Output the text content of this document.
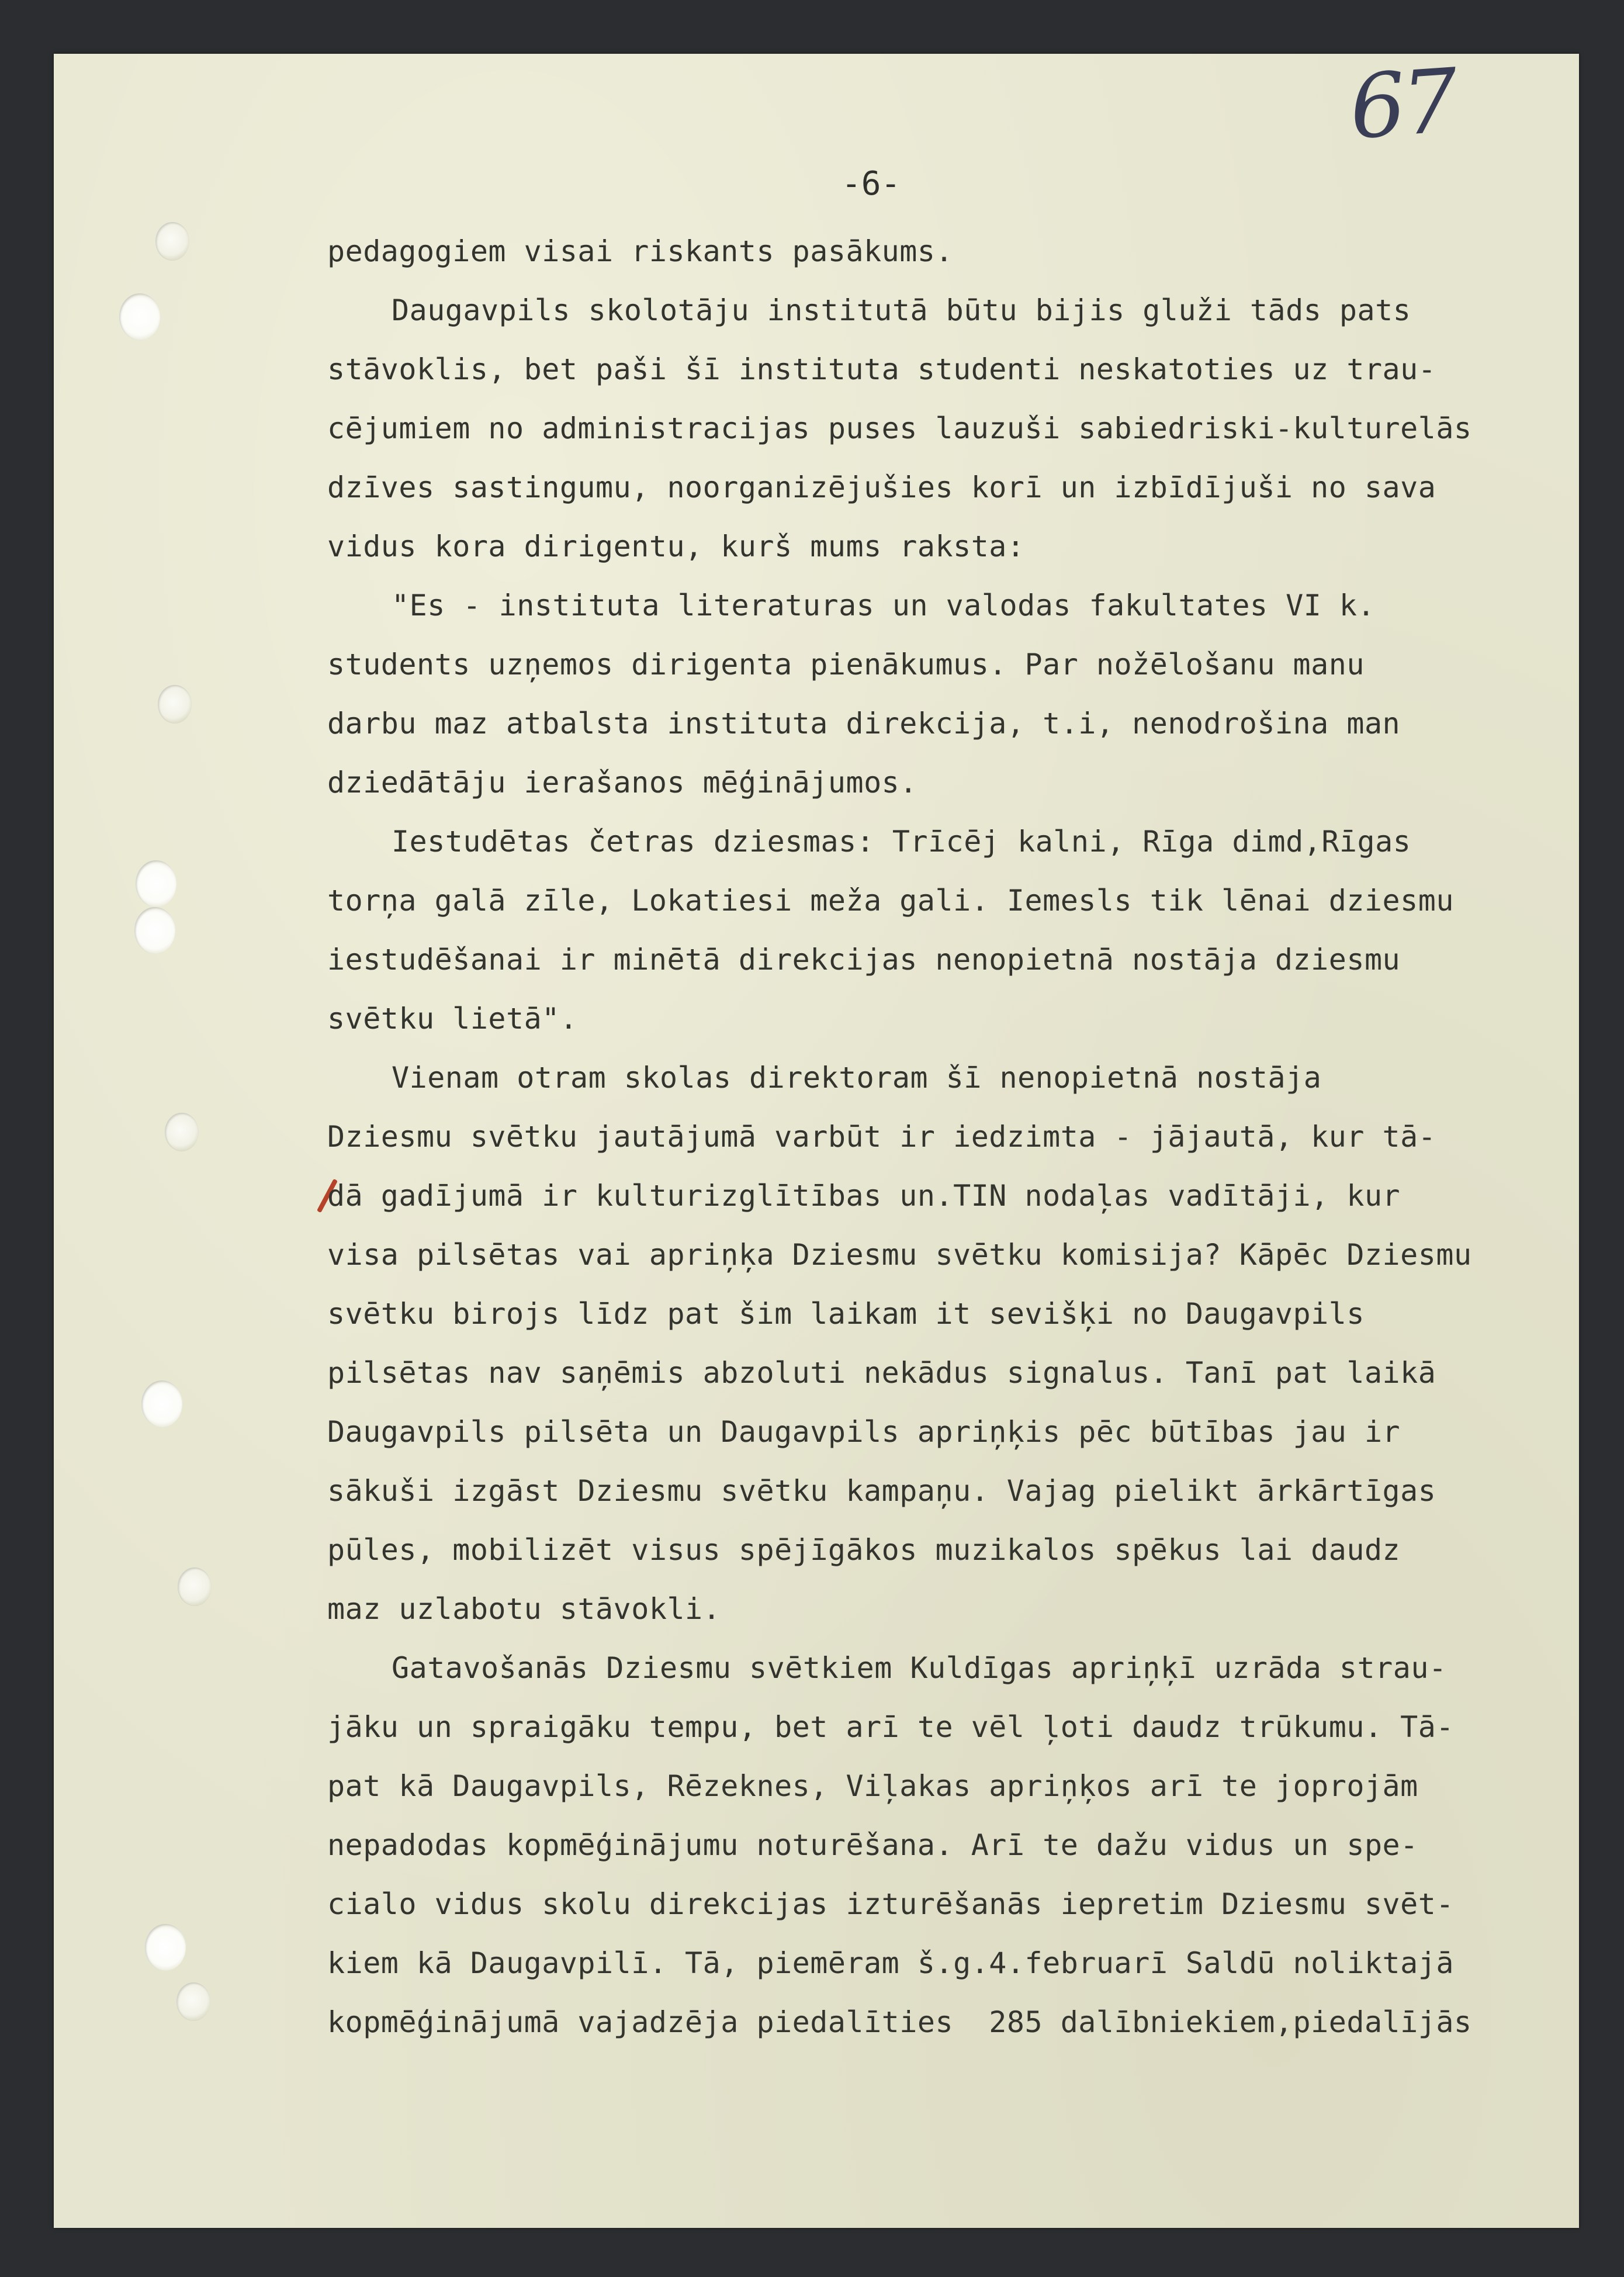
67
-6-
pedagogiem visai riskants pasākums.
Daugavpils skolotāju institutā būtu bijis gluži tāds pats
stāvoklis, bet paši šī instituta studenti neskatoties uz trau-
cējumiem no administracijas puses lauzuši sabiedriski-kulturelās
dzīves sastingumu, noorganizējušies korī un izbīdījuši no sava
vidus kora dirigentu, kurš mums raksta:
"Es - instituta literaturas un valodas fakultates VI k.
students uzņemos dirigenta pienākumus. Par nožēlošanu manu
darbu maz atbalsta instituta direkcija, t.i, nenodrošina man
dziedātāju ierašanos mēģinājumos.
Iestudētas četras dziesmas: Trīcēj kalni, Rīga dimd,Rīgas
torņa galā zīle, Lokatiesi meža gali. Iemesls tik lēnai dziesmu
iestudēšanai ir minētā direkcijas nenopietnā nostāja dziesmu
svētku lietā".
Vienam otram skolas direktoram šī nenopietnā nostāja
Dziesmu svētku jautājumā varbūt ir iedzimta - jājautā, kur tā-
dā gadījumā ir kulturizglītības un.TIN nodaļas vadītāji, kur
visa pilsētas vai apriņķa Dziesmu svētku komisija? Kāpēc Dziesmu
svētku birojs līdz pat šim laikam it sevišķi no Daugavpils
pilsētas nav saņēmis abzoluti nekādus signalus. Tanī pat laikā
Daugavpils pilsēta un Daugavpils apriņķis pēc būtības jau ir
sākuši izgāst Dziesmu svētku kampaņu. Vajag pielikt ārkārtīgas
pūles, mobilizēt visus spējīgākos muzikalos spēkus lai daudz
maz uzlabotu stāvokli.
Gatavošanās Dziesmu svētkiem Kuldīgas apriņķī uzrāda strau-
jāku un spraigāku tempu, bet arī te vēl ļoti daudz trūkumu. Tā-
pat kā Daugavpils, Rēzeknes, Viļakas apriņķos arī te joprojām
nepadodas kopmēģinājumu noturēšana. Arī te dažu vidus un spe-
cialo vidus skolu direkcijas izturēšanās iepretim Dziesmu svēt-
kiem kā Daugavpilī. Tā, piemēram š.g.4.februarī Saldū noliktajā
kopmēģinājumā vajadzēja piedalīties  285 dalībniekiem,piedalījās
